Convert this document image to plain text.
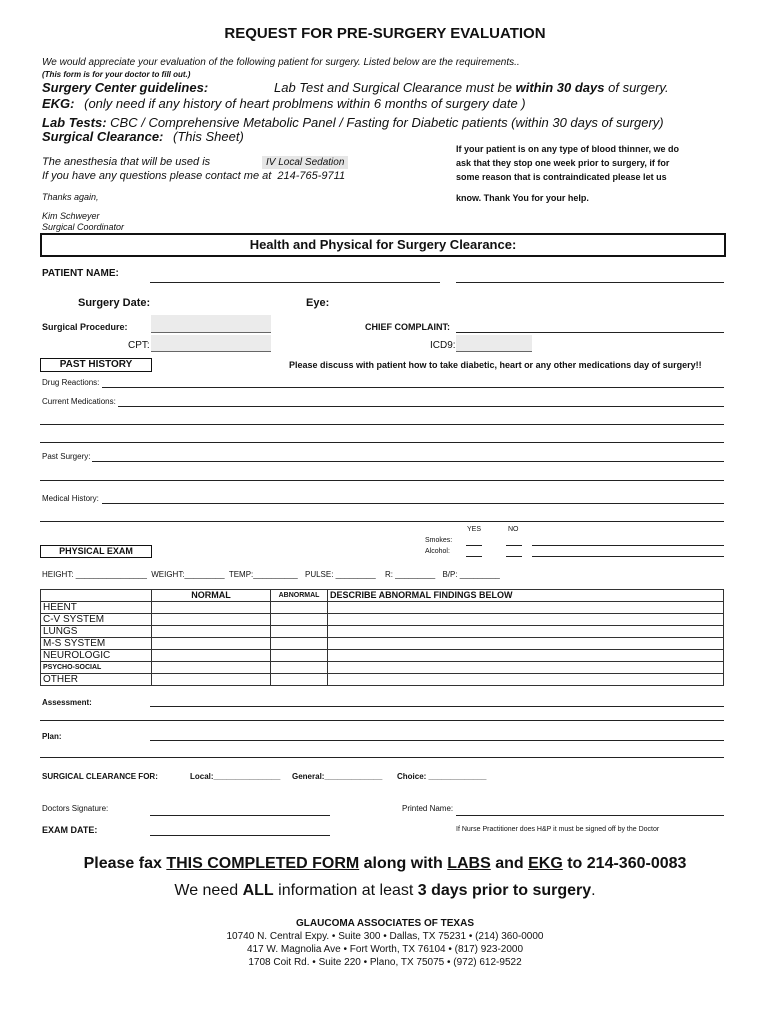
REQUEST FOR PRE-SURGERY EVALUATION
We would appreciate your evaluation of the following patient for surgery. Listed below are the requirements..
(This form is for your doctor to fill out.)
Surgery Center guidelines:	Lab Test and Surgical Clearance must be within 30 days of surgery.
EKG: (only need if any history of heart problmens within 6 months of surgery date )
Lab Tests: CBC / Comprehensive Metabolic Panel / Fasting for Diabetic patients (within 30 days of surgery)
Surgical Clearance: (This Sheet)
The anesthesia that will be used is	IV Local Sedation
If you have any questions please contact me at 214-765-9711
If your patient is on any type of blood thinner, we do
ask that they stop one week prior to surgery, if for
some reason that is contraindicated please let us
know. Thank You for your help.
Thanks again,
Kim Schweyer
Surgical Coordinator
Health and Physical for Surgery Clearance:
PATIENT NAME:
Surgery Date:	Eye:
Surgical Procedure:	CHIEF COMPLAINT:
CPT:	ICD9:
PAST HISTORY	Please discuss with patient how to take diabetic, heart or any other medications day of surgery!!
Drug Reactions:
Current Medications:
Past Surgery:
Medical History:
YES	NO
Smokes:
Alcohol:
PHYSICAL EXAM
HEIGHT: ________________ WEIGHT:_________ TEMP:__________ PULSE: _________ R: _________ B/P: _________
	NORMAL	ABNORMAL	DESCRIBE ABNORMAL FINDINGS BELOW
HEENT			
C-V SYSTEM			
LUNGS			
M-S SYSTEM			
NEUROLOGIC			
PSYCHO-SOCIAL			
OTHER			
Assessment:
Plan:
SURGICAL CLEARANCE FOR:	Local:_______________ General:_____________ Choice: _____________
Doctors Signature:	Printed Name:
EXAM DATE:	If Nurse Practitioner does H&P it must be signed off by the Doctor
Please fax THIS COMPLETED FORM along with LABS and EKG to 214-360-0083
We need ALL information at least 3 days prior to surgery.
GLAUCOMA ASSOCIATES OF TEXAS
10740 N. Central Expy. • Suite 300 • Dallas, TX 75231 • (214) 360-0000
417 W. Magnolia Ave • Fort Worth, TX 76104 • (817) 923-2000
1708 Coit Rd. • Suite 220 • Plano, TX 75075 • (972) 612-9522
